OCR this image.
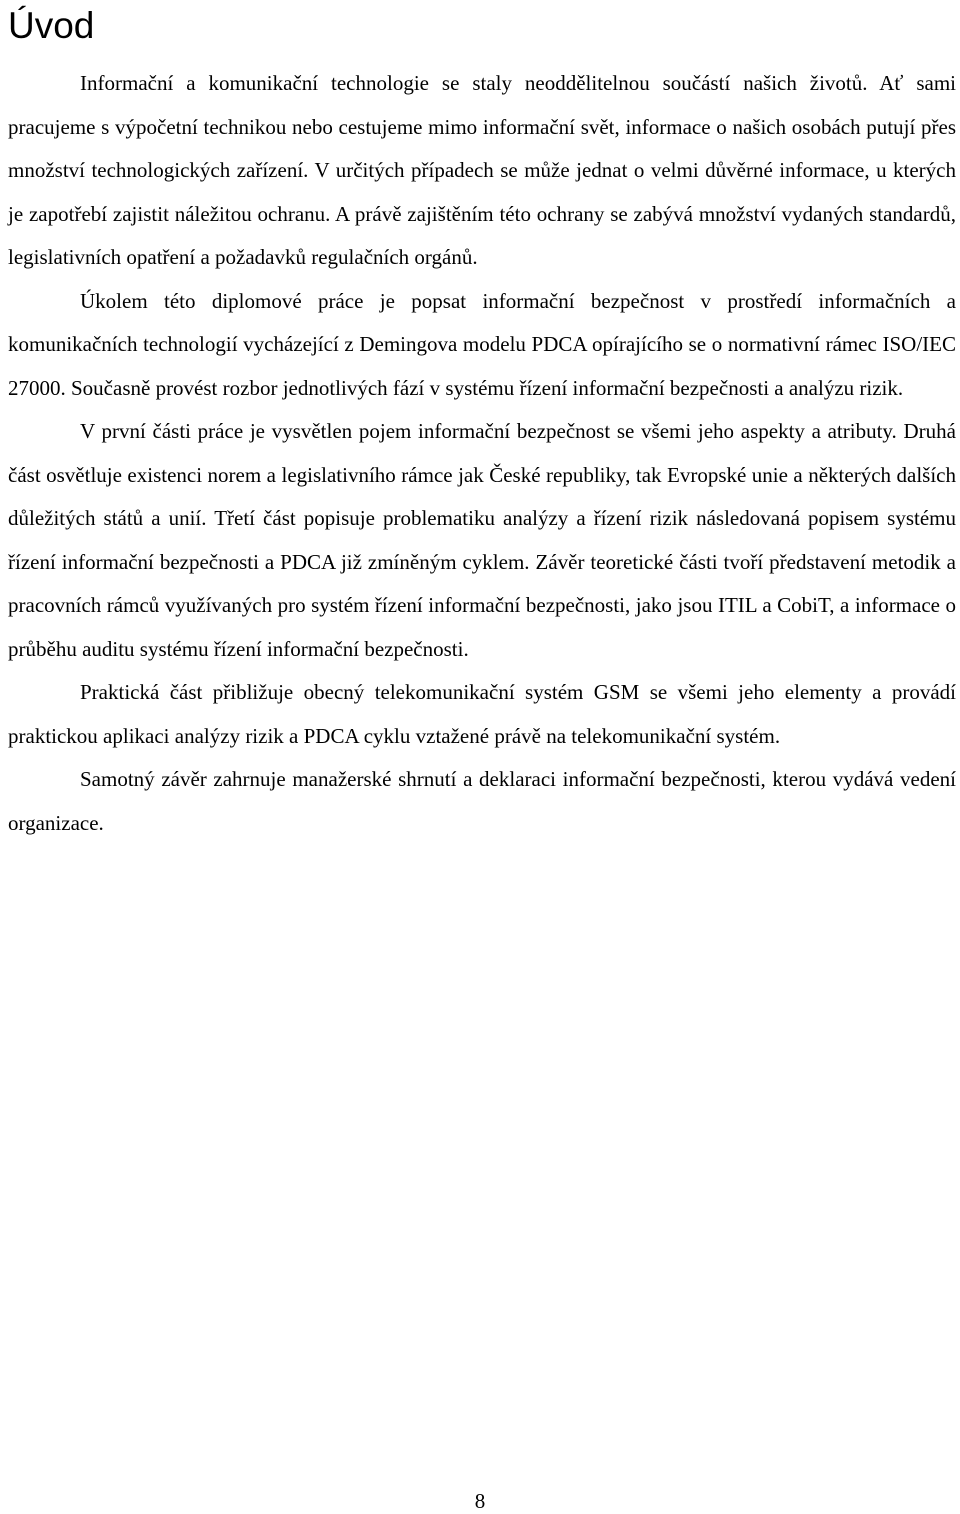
Úvod

Informační a komunikační technologie se staly neoddělitelnou součástí našich životů. Ať sami pracujeme s výpočetní technikou nebo cestujeme mimo informační svět, informace o našich osobách putují přes množství technologických zařízení. V určitých případech se může jednat o velmi důvěrné informace, u kterých je zapotřebí zajistit náležitou ochranu. A právě zajištěním této ochrany se zabývá množství vydaných standardů, legislativních opatření a požadavků regulačních orgánů.

Úkolem této diplomové práce je popsat informační bezpečnost v prostředí informačních a komunikačních technologií vycházející z Demingova modelu PDCA opírajícího se o normativní rámec ISO/IEC 27000. Současně provést rozbor jednotlivých fází v systému řízení informační bezpečnosti a analýzu rizik.

V první části práce je vysvětlen pojem informační bezpečnost se všemi jeho aspekty a atributy. Druhá část osvětluje existenci norem a legislativního rámce jak České republiky, tak Evropské unie a některých dalších důležitých států a unií. Třetí část popisuje problematiku analýzy a řízení rizik následovaná popisem systému řízení informační bezpečnosti a PDCA již zmíněným cyklem. Závěr teoretické části tvoří představení metodik a pracovních rámců využívaných pro systém řízení informační bezpečnosti, jako jsou ITIL a CobiT, a informace o průběhu auditu systému řízení informační bezpečnosti.

Praktická část přibližuje obecný telekomunikační systém GSM se všemi jeho elementy a provádí praktickou aplikaci analýzy rizik a PDCA cyklu vztažené právě na telekomunikační systém.

Samotný závěr zahrnuje manažerské shrnutí a deklaraci informační bezpečnosti, kterou vydává vedení organizace.

8
